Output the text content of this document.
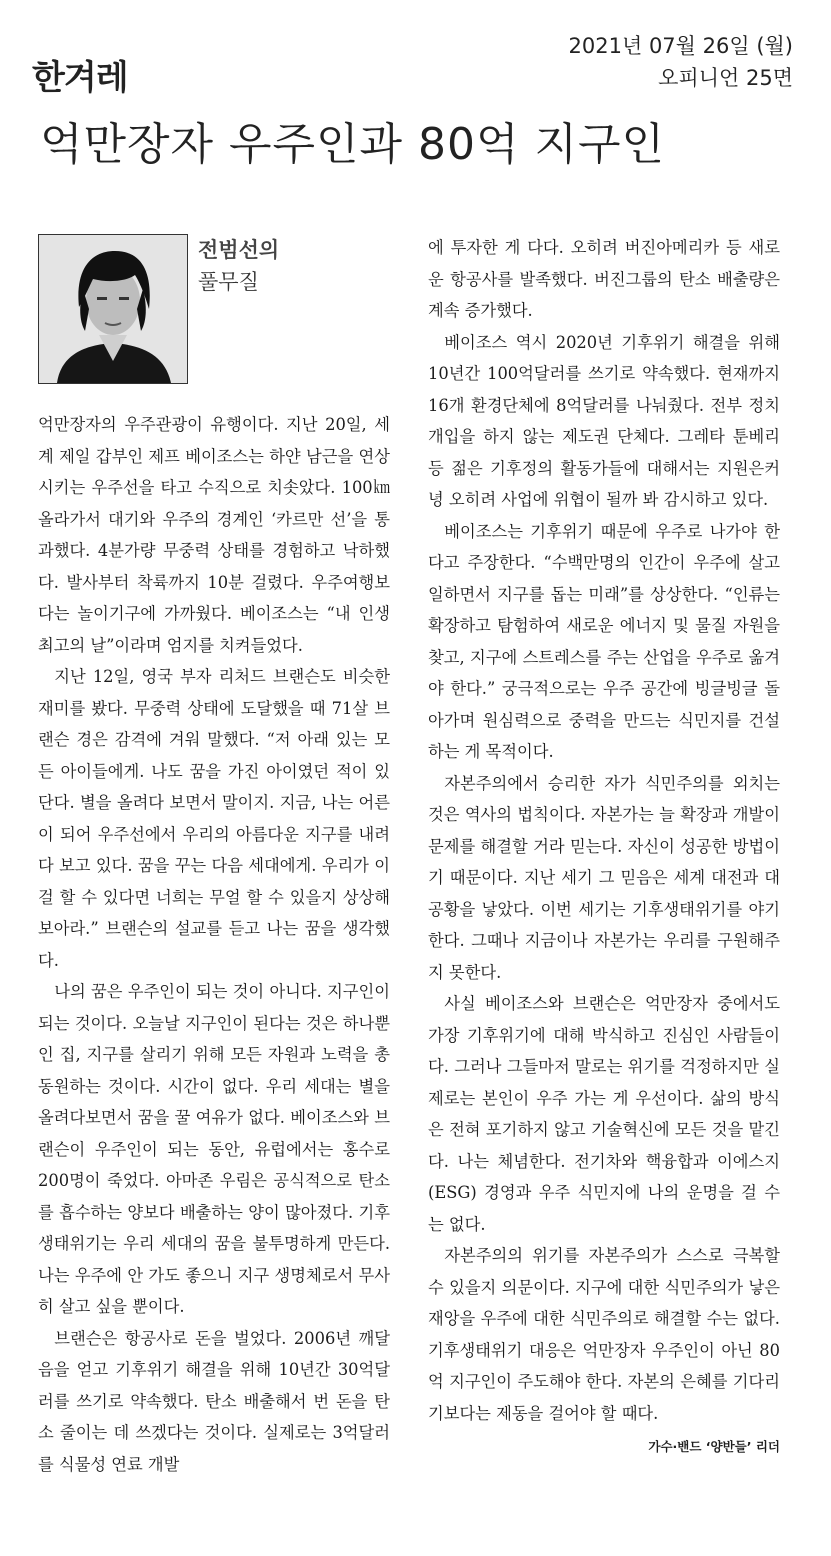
한겨레
2021년 07월 26일 (월)
오피니언 25면
억만장자 우주인과 80억 지구인
전범선의
풀무질

억만장자의 우주관광이 유행이다. 지난 20일, 세계 제일 갑부인 제프 베이조스는 하얀 남근을 연상시키는 우주선을 타고 수직으로 치솟았다. 100㎞ 올라가서 대기와 우주의 경계인 ‘카르만 선’을 통과했다. 4분가량 무중력 상태를 경험하고 낙하했다. 발사부터 착륙까지 10분 걸렸다. 우주여행보다는 놀이기구에 가까웠다. 베이조스는 “내 인생 최고의 날”이라며 엄지를 치켜들었다.

지난 12일, 영국 부자 리처드 브랜슨도 비슷한 재미를 봤다. 무중력 상태에 도달했을 때 71살 브랜슨 경은 감격에 겨워 말했다. “저 아래 있는 모든 아이들에게. 나도 꿈을 가진 아이였던 적이 있단다. 별을 올려다 보면서 말이지. 지금, 나는 어른이 되어 우주선에서 우리의 아름다운 지구를 내려다 보고 있다. 꿈을 꾸는 다음 세대에게. 우리가 이걸 할 수 있다면 너희는 무얼 할 수 있을지 상상해 보아라.” 브랜슨의 설교를 듣고 나는 꿈을 생각했다.

나의 꿈은 우주인이 되는 것이 아니다. 지구인이 되는 것이다. 오늘날 지구인이 된다는 것은 하나뿐인 집, 지구를 살리기 위해 모든 자원과 노력을 총동원하는 것이다. 시간이 없다. 우리 세대는 별을 올려다보면서 꿈을 꿀 여유가 없다. 베이조스와 브랜슨이 우주인이 되는 동안, 유럽에서는 홍수로 200명이 죽었다. 아마존 우림은 공식적으로 탄소를 흡수하는 양보다 배출하는 양이 많아졌다. 기후생태위기는 우리 세대의 꿈을 불투명하게 만든다. 나는 우주에 안 가도 좋으니 지구 생명체로서 무사히 살고 싶을 뿐이다.

브랜슨은 항공사로 돈을 벌었다. 2006년 깨달음을 얻고 기후위기 해결을 위해 10년간 30억달러를 쓰기로 약속했다. 탄소 배출해서 번 돈을 탄소 줄이는 데 쓰겠다는 것이다. 실제로는 3억달러를 식물성 연료 개발

에 투자한 게 다다. 오히려 버진아메리카 등 새로운 항공사를 발족했다. 버진그룹의 탄소 배출량은 계속 증가했다.

베이조스 역시 2020년 기후위기 해결을 위해 10년간 100억달러를 쓰기로 약속했다. 현재까지 16개 환경단체에 8억달러를 나눠줬다. 전부 정치 개입을 하지 않는 제도권 단체다. 그레타 툰베리 등 젊은 기후정의 활동가들에 대해서는 지원은커녕 오히려 사업에 위협이 될까 봐 감시하고 있다.

베이조스는 기후위기 때문에 우주로 나가야 한다고 주장한다. “수백만명의 인간이 우주에 살고 일하면서 지구를 돕는 미래”를 상상한다. “인류는 확장하고 탐험하여 새로운 에너지 및 물질 자원을 찾고, 지구에 스트레스를 주는 산업을 우주로 옮겨야 한다.” 궁극적으로는 우주 공간에 빙글빙글 돌아가며 원심력으로 중력을 만드는 식민지를 건설하는 게 목적이다.

자본주의에서 승리한 자가 식민주의를 외치는 것은 역사의 법칙이다. 자본가는 늘 확장과 개발이 문제를 해결할 거라 믿는다. 자신이 성공한 방법이기 때문이다. 지난 세기 그 믿음은 세계 대전과 대공황을 낳았다. 이번 세기는 기후생태위기를 야기한다. 그때나 지금이나 자본가는 우리를 구원해주지 못한다.

사실 베이조스와 브랜슨은 억만장자 중에서도 가장 기후위기에 대해 박식하고 진심인 사람들이다. 그러나 그들마저 말로는 위기를 걱정하지만 실제로는 본인이 우주 가는 게 우선이다. 삶의 방식은 전혀 포기하지 않고 기술혁신에 모든 것을 맡긴다. 나는 체념한다. 전기차와 핵융합과 이에스지(ESG) 경영과 우주 식민지에 나의 운명을 걸 수는 없다.

자본주의의 위기를 자본주의가 스스로 극복할 수 있을지 의문이다. 지구에 대한 식민주의가 낳은 재앙을 우주에 대한 식민주의로 해결할 수는 없다. 기후생태위기 대응은 억만장자 우주인이 아닌 80억 지구인이 주도해야 한다. 자본의 은혜를 기다리기보다는 제동을 걸어야 할 때다.
가수·밴드 ‘양반들’ 리더
